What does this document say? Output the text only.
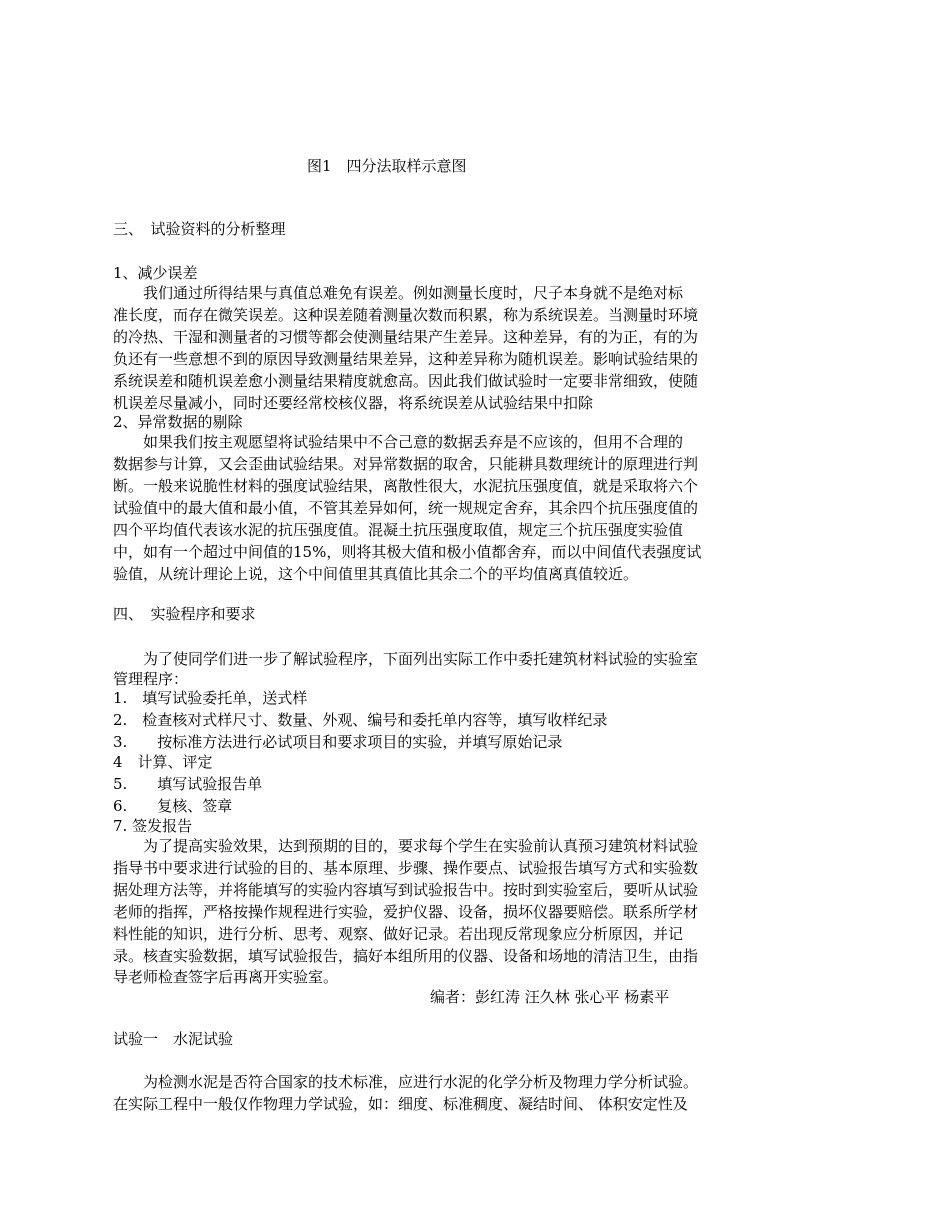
图1　四分法取样示意图

三、　试验资料的分析整理

1、减少误差

　　我们通过所得结果与真值总难免有误差。例如测量长度时，尺子本身就不是绝对标

准长度，而存在微笑误差。这种误差随着测量次数而积累，称为系统误差。当测量时环境

的冷热、干湿和测量者的习惯等都会使测量结果产生差异。这种差异，有的为正，有的为

负还有一些意想不到的原因导致测量结果差异，这种差异称为随机误差。影响试验结果的

系统误差和随机误差愈小测量结果精度就愈高。因此我们做试验时一定要非常细致，使随

机误差尽量减小，同时还要经常校核仪器，将系统误差从试验结果中扣除

2、异常数据的剔除

　　如果我们按主观愿望将试验结果中不合己意的数据丢弃是不应该的，但用不合理的

数据参与计算，又会歪曲试验结果。对异常数据的取舍，只能耕具数理统计的原理进行判

断。一般来说脆性材料的强度试验结果，离散性很大，水泥抗压强度值，就是采取将六个

试验值中的最大值和最小值，不管其差异如何，统一规规定舍弃，其余四个抗压强度值的

四个平均值代表该水泥的抗压强度值。混凝土抗压强度取值，规定三个抗压强度实验值

中，如有一个超过中间值的15%，则将其极大值和极小值都舍弃，而以中间值代表强度试

验值，从统计理论上说，这个中间值里其真值比其余二个的平均值离真值较近。

四、　实验程序和要求

　　为了使同学们进一步了解试验程序，下面列出实际工作中委托建筑材料试验的实验室

管理程序：

1.　填写试验委托单，送式样

2.　检查核对式样尺寸、数量、外观、编号和委托单内容等，填写收样纪录

3.　　按标准方法进行必试项目和要求项目的实验，并填写原始记录

4　计算、评定

5.　　填写试验报告单

6.　　复核、签章

7. 签发报告

　　为了提高实验效果，达到预期的目的，要求每个学生在实验前认真预习建筑材料试验

指导书中要求进行试验的目的、基本原理、步骤、操作要点、试验报告填写方式和实验数

据处理方法等，并将能填写的实验内容填写到试验报告中。按时到实验室后，要听从试验

老师的指挥，严格按操作规程进行实验，爱护仪器、设备，损坏仪器要赔偿。联系所学材

料性能的知识，进行分析、思考、观察、做好记录。若出现反常现象应分析原因，并记

录。核查实验数据，填写试验报告，搞好本组所用的仪器、设备和场地的清洁卫生，由指

导老师检查签字后再离开实验室。

编者：彭红涛 汪久林 张心平 杨素平

试验一　水泥试验

　　为检测水泥是否符合国家的技术标准，应进行水泥的化学分析及物理力学分析试验。

在实际工程中一般仅作物理力学试验，如：细度、标准稠度、凝结时间、 体积安定性及
